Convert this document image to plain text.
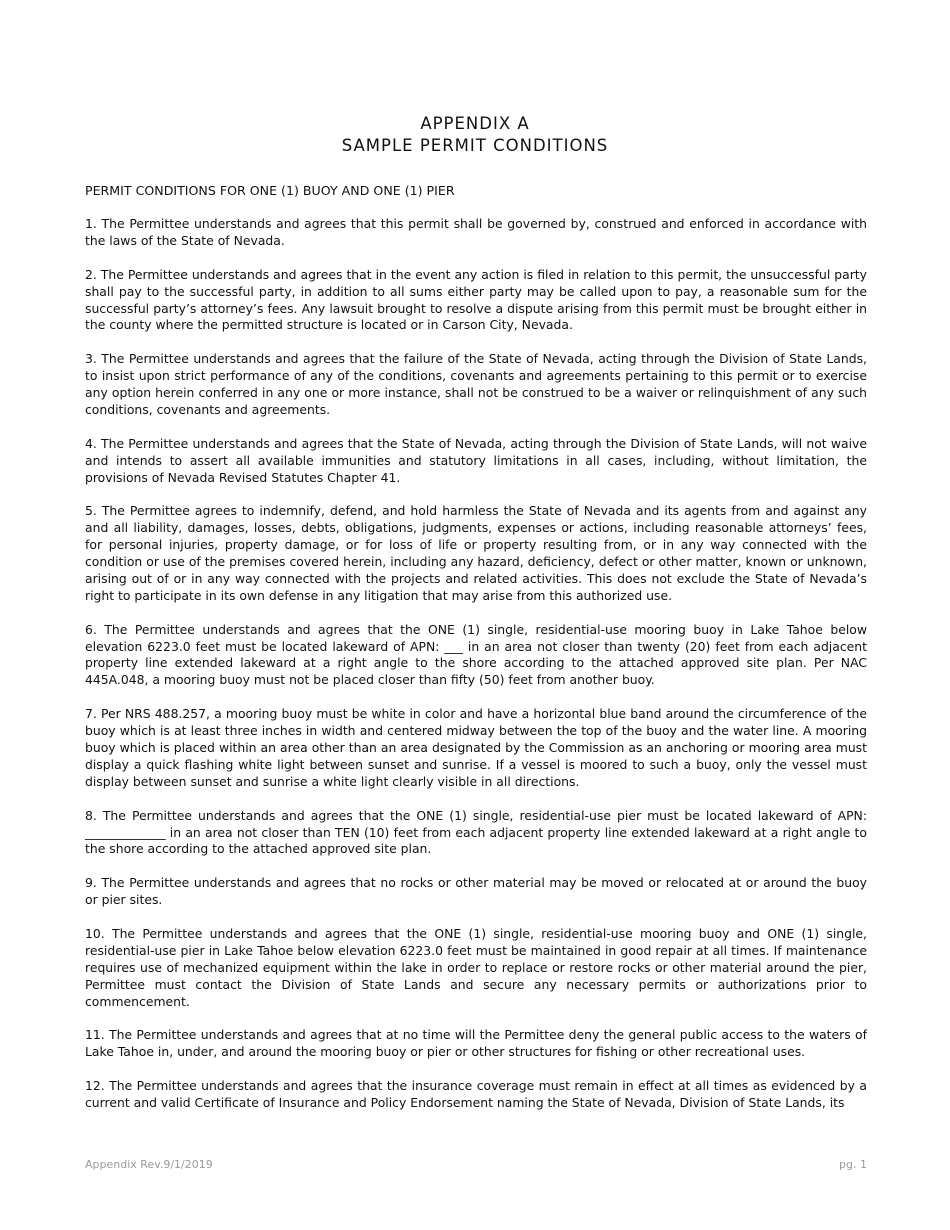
APPENDIX A
SAMPLE PERMIT CONDITIONS
PERMIT CONDITIONS FOR ONE (1) BUOY AND ONE (1) PIER

1. The Permittee understands and agrees that this permit shall be governed by, construed and enforced in accordance with the laws of the State of Nevada.

2. The Permittee understands and agrees that in the event any action is filed in relation to this permit, the unsuccessful party shall pay to the successful party, in addition to all sums either party may be called upon to pay, a reasonable sum for the successful party’s attorney’s fees. Any lawsuit brought to resolve a dispute arising from this permit must be brought either in the county where the permitted structure is located or in Carson City, Nevada.

3. The Permittee understands and agrees that the failure of the State of Nevada, acting through the Division of State Lands, to insist upon strict performance of any of the conditions, covenants and agreements pertaining to this permit or to exercise any option herein conferred in any one or more instance, shall not be construed to be a waiver or relinquishment of any such conditions, covenants and agreements.

4. The Permittee understands and agrees that the State of Nevada, acting through the Division of State Lands, will not waive and intends to assert all available immunities and statutory limitations in all cases, including, without limitation, the provisions of Nevada Revised Statutes Chapter 41.

5. The Permittee agrees to indemnify, defend, and hold harmless the State of Nevada and its agents from and against any and all liability, damages, losses, debts, obligations, judgments, expenses or actions, including reasonable attorneys’ fees, for personal injuries, property damage, or for loss of life or property resulting from, or in any way connected with the condition or use of the premises covered herein, including any hazard, deficiency, defect or other matter, known or unknown, arising out of or in any way connected with the projects and related activities. This does not exclude the State of Nevada’s right to participate in its own defense in any litigation that may arise from this authorized use.

6. The Permittee understands and agrees that the ONE (1) single, residential-use mooring buoy in Lake Tahoe below elevation 6223.0 feet must be located lakeward of APN: ___ in an area not closer than twenty (20) feet from each adjacent property line extended lakeward at a right angle to the shore according to the attached approved site plan. Per NAC 445A.048, a mooring buoy must not be placed closer than fifty (50) feet from another buoy.

7. Per NRS 488.257, a mooring buoy must be white in color and have a horizontal blue band around the circumference of the buoy which is at least three inches in width and centered midway between the top of the buoy and the water line. A mooring buoy which is placed within an area other than an area designated by the Commission as an anchoring or mooring area must display a quick flashing white light between sunset and sunrise. If a vessel is moored to such a buoy, only the vessel must display between sunset and sunrise a white light clearly visible in all directions.

8. The Permittee understands and agrees that the ONE (1) single, residential-use pier must be located lakeward of APN: _____________ in an area not closer than TEN (10) feet from each adjacent property line extended lakeward at a right angle to the shore according to the attached approved site plan.

9. The Permittee understands and agrees that no rocks or other material may be moved or relocated at or around the buoy or pier sites.

10. The Permittee understands and agrees that the ONE (1) single, residential-use mooring buoy and ONE (1) single, residential-use pier in Lake Tahoe below elevation 6223.0 feet must be maintained in good repair at all times. If maintenance requires use of mechanized equipment within the lake in order to replace or restore rocks or other material around the pier, Permittee must contact the Division of State Lands and secure any necessary permits or authorizations prior to commencement.

11. The Permittee understands and agrees that at no time will the Permittee deny the general public access to the waters of Lake Tahoe in, under, and around the mooring buoy or pier or other structures for fishing or other recreational uses.

12. The Permittee understands and agrees that the insurance coverage must remain in effect at all times as evidenced by a current and valid Certificate of Insurance and Policy Endorsement naming the State of Nevada, Division of State Lands, its

Appendix Rev.9/1/2019	pg. 1
